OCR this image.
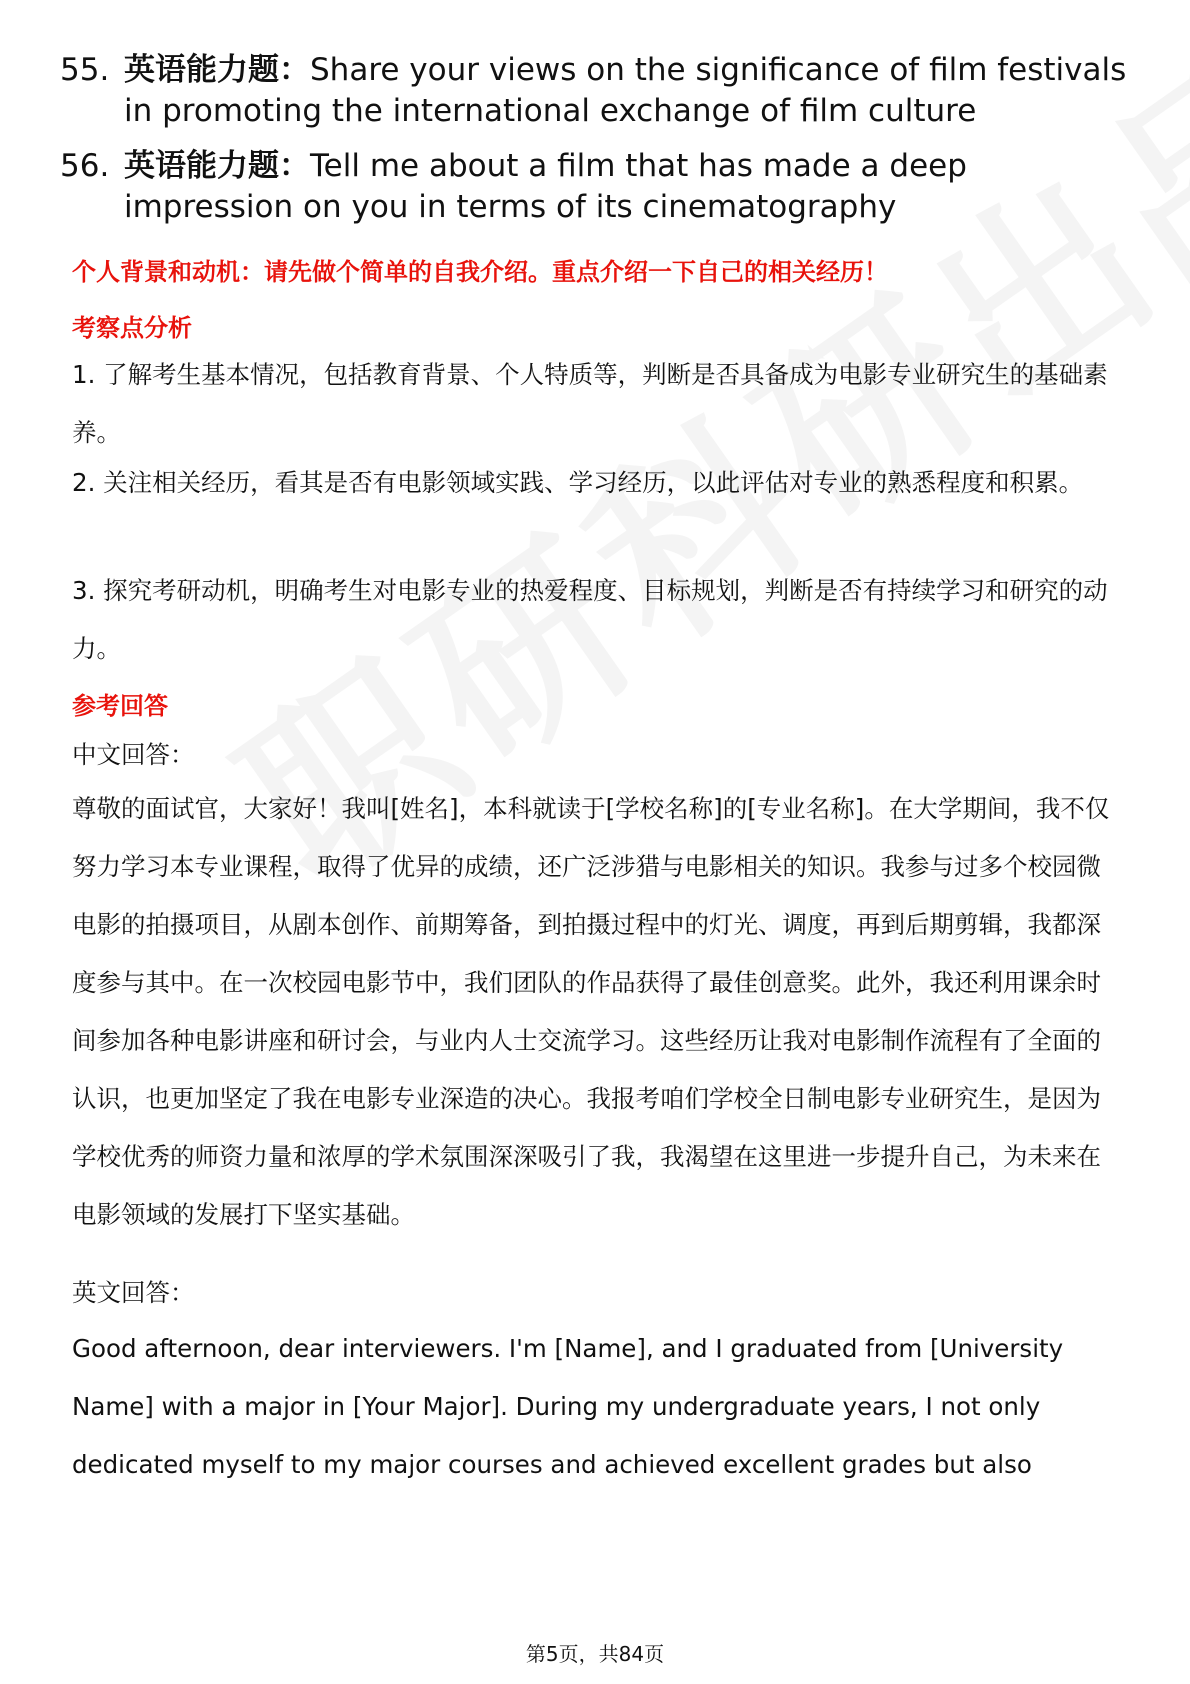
55. 英语能力题：Share your views on the significance of film festivals in promoting the international exchange of film culture
56. 英语能力题：Tell me about a film that has made a deep impression on you in terms of its cinematography
个人背景和动机：请先做个简单的自我介绍。重点介绍一下自己的相关经历！
考察点分析
1. 了解考生基本情况，包括教育背景、个人特质等，判断是否具备成为电影专业研究生的基础素养。
2. 关注相关经历，看其是否有电影领域实践、学习经历，以此评估对专业的熟悉程度和积累。
3. 探究考研动机，明确考生对电影专业的热爱程度、目标规划，判断是否有持续学习和研究的动力。
参考回答
中文回答：
尊敬的面试官，大家好！我叫[姓名]，本科就读于[学校名称]的[专业名称]。在大学期间，我不仅努力学习本专业课程，取得了优异的成绩，还广泛涉猎与电影相关的知识。我参与过多个校园微电影的拍摄项目，从剧本创作、前期筹备，到拍摄过程中的灯光、调度，再到后期剪辑，我都深度参与其中。在一次校园电影节中，我们团队的作品获得了最佳创意奖。此外，我还利用课余时间参加各种电影讲座和研讨会，与业内人士交流学习。这些经历让我对电影制作流程有了全面的认识，也更加坚定了我在电影专业深造的决心。我报考咱们学校全日制电影专业研究生，是因为学校优秀的师资力量和浓厚的学术氛围深深吸引了我，我渴望在这里进一步提升自己，为未来在电影领域的发展打下坚实基础。
英文回答：
Good afternoon, dear interviewers. I'm [Name], and I graduated from [University Name] with a major in [Your Major]. During my undergraduate years, I not only dedicated myself to my major courses and achieved excellent grades but also
第5页，共84页
